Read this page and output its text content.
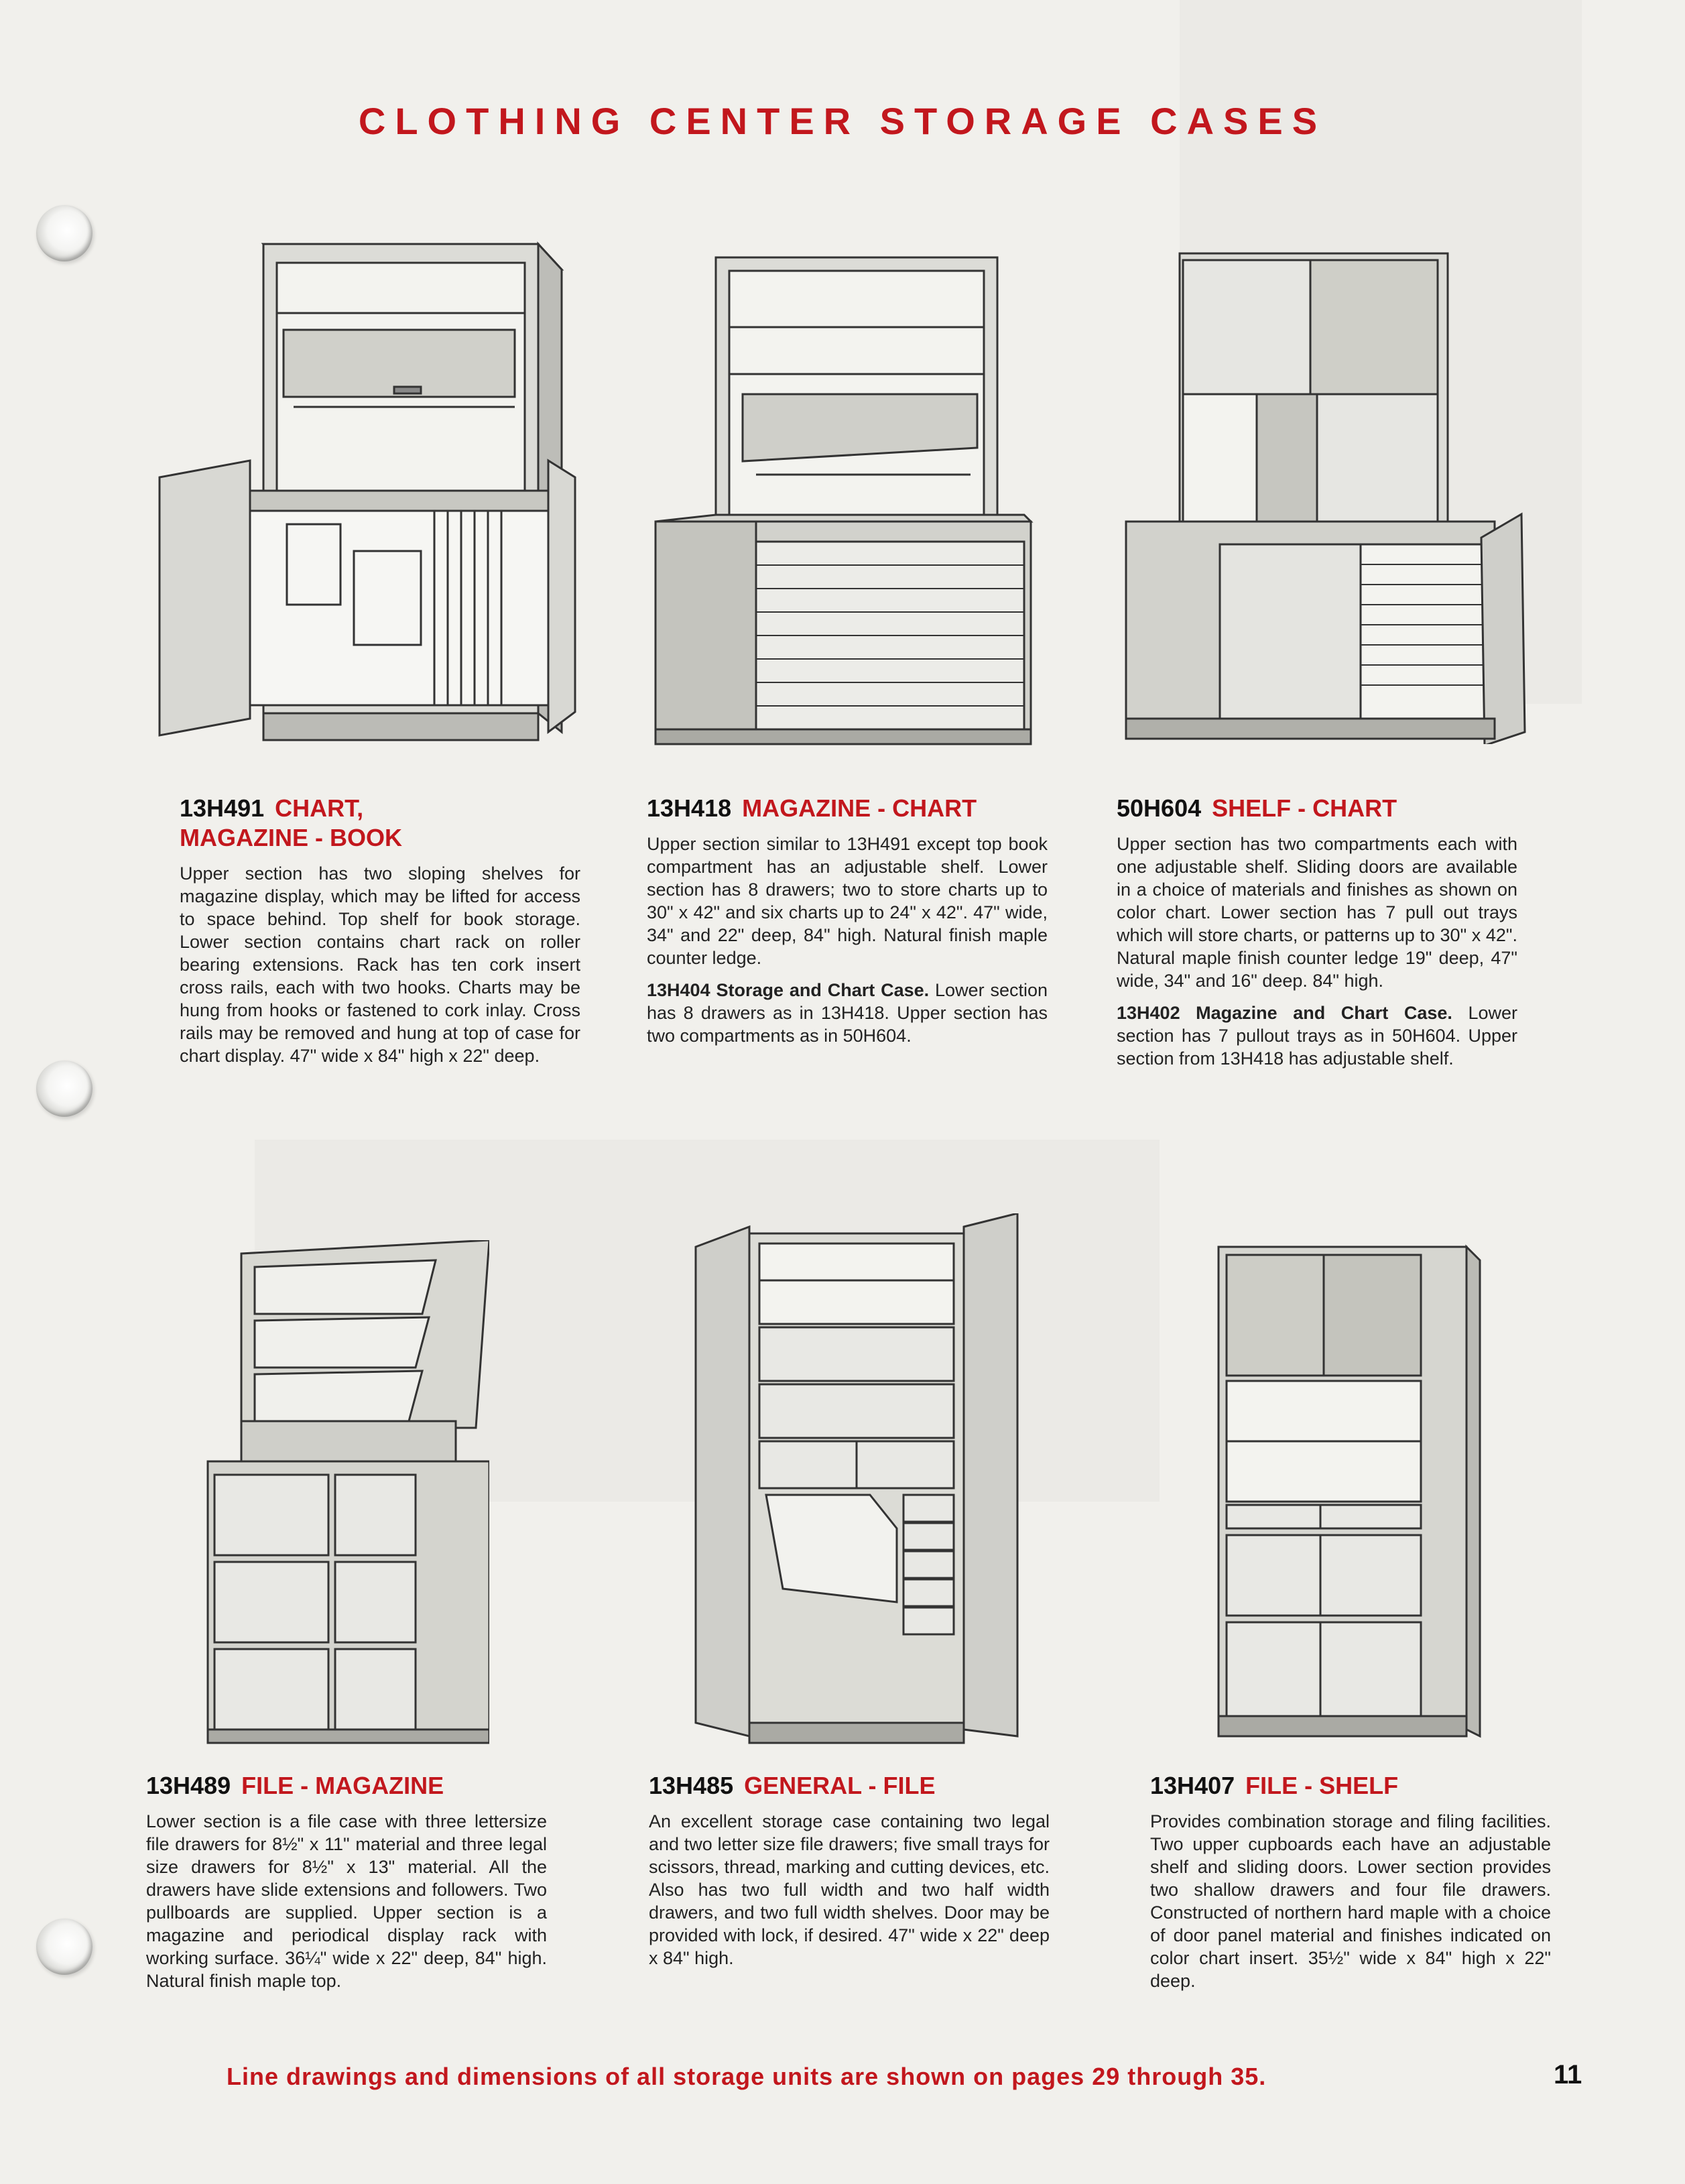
CLOTHING CENTER STORAGE CASES
13H491 CHART,
MAGAZINE - BOOK

Upper section has two sloping shelves for magazine display, which may be lifted for access to space behind. Top shelf for book storage. Lower section contains chart rack on roller bearing extensions. Rack has ten cork insert cross rails, each with two hooks. Charts may be hung from hooks or fastened to cork inlay. Cross rails may be removed and hung at top of case for chart display. 47" wide x 84" high x 22" deep.

13H418 MAGAZINE - CHART

Upper section similar to 13H491 except top book compartment has an adjustable shelf. Lower section has 8 drawers; two to store charts up to 30" x 42" and six charts up to 24" x 42". 47" wide, 34" and 22" deep, 84" high. Natural finish maple counter ledge.

13H404 Storage and Chart Case. Lower section has 8 drawers as in 13H418. Upper section has two compartments as in 50H604.

50H604 SHELF - CHART

Upper section has two compartments each with one adjustable shelf. Sliding doors are available in a choice of materials and finishes as shown on color chart. Lower section has 7 pull out trays which will store charts, or patterns up to 30" x 42". Natural maple finish counter ledge 19" deep, 47" wide, 34" and 16" deep. 84" high.

13H402 Magazine and Chart Case. Lower section has 7 pullout trays as in 50H604. Upper section from 13H418 has adjustable shelf.

13H489 FILE - MAGAZINE

Lower section is a file case with three lettersize file drawers for 8½" x 11" material and three legal size drawers for 8½" x 13" material. All the drawers have slide extensions and followers. Two pullboards are supplied. Upper section is a magazine and periodical display rack with working surface. 36¼" wide x 22" deep, 84" high. Natural finish maple top.

13H485 GENERAL - FILE

An excellent storage case containing two legal and two letter size file drawers; five small trays for scissors, thread, marking and cutting devices, etc. Also has two full width and two half width drawers, and two full width shelves. Door may be provided with lock, if desired. 47" wide x 22" deep x 84" high.

13H407 FILE - SHELF

Provides combination storage and filing facilities. Two upper cupboards each have an adjustable shelf and sliding doors. Lower section provides two shallow drawers and four file drawers. Constructed of northern hard maple with a choice of door panel material and finishes indicated on color chart insert. 35½" wide x 84" high x 22" deep.

Line drawings and dimensions of all storage units are shown on pages 29 through 35.	11
